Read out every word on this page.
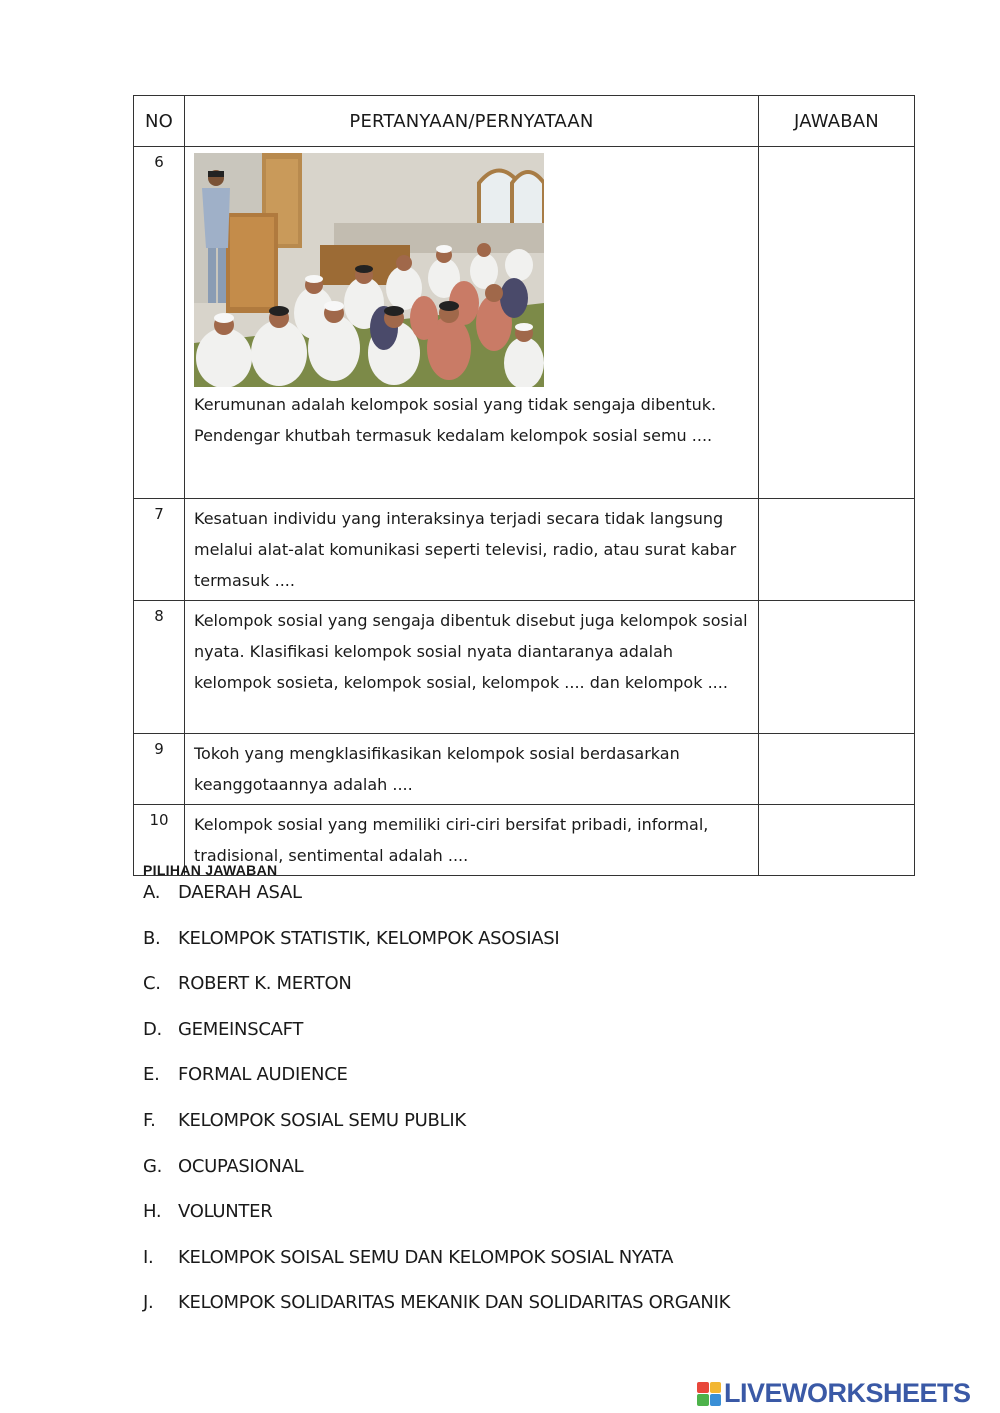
NO	PERTANYAAN/PERNYATAAN	JAWABAN
6	Kerumunan adalah kelompok sosial yang tidak sengaja dibentuk. Pendengar khutbah termasuk kedalam kelompok sosial semu ....	

7	Kesatuan individu yang interaksinya terjadi secara tidak langsung melalui alat-alat komunikasi seperti televisi, radio, atau surat kabar termasuk ....	
8	Kelompok sosial yang sengaja dibentuk disebut juga kelompok sosial nyata. Klasifikasi kelompok sosial nyata diantaranya adalah kelompok sosieta, kelompok sosial, kelompok .... dan kelompok ....	
9	Tokoh yang mengklasifikasikan kelompok sosial berdasarkan keanggotaannya adalah ....	
10	Kelompok sosial yang memiliki ciri-ciri bersifat pribadi, informal, tradisional, sentimental adalah ....	
PILIHAN JAWABAN
A. DAERAH ASAL
B. KELOMPOK STATISTIK, KELOMPOK ASOSIASI
C. ROBERT K. MERTON
D. GEMEINSCAFT
E.	FORMAL AUDIENCE
F.	KELOMPOK SOSIAL SEMU PUBLIK
G. OCUPASIONAL
H. VOLUNTER
I.	KELOMPOK SOISAL SEMU DAN KELOMPOK SOSIAL NYATA
J.	KELOMPOK SOLIDARITAS MEKANIK DAN SOLIDARITAS ORGANIK
LIVEWORKSHEETS
